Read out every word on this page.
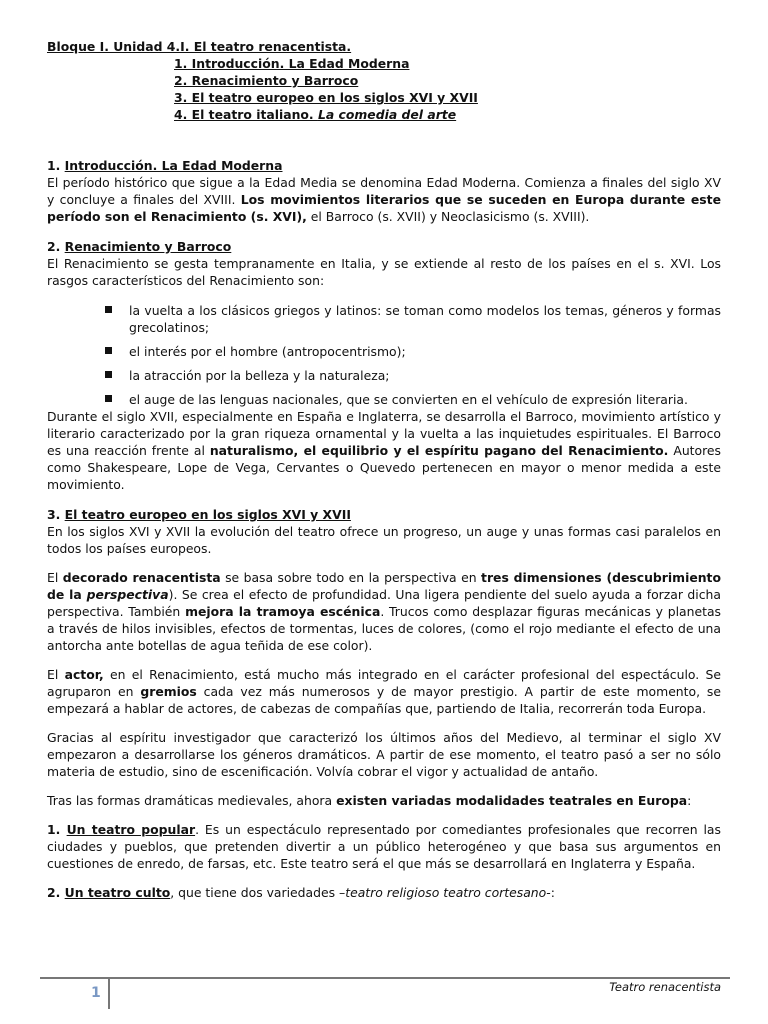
Bloque I. Unidad 4.I. El teatro renacentista.
1. Introducción. La Edad Moderna
2. Renacimiento y Barroco
3. El teatro europeo en los siglos XVI y XVII
4. El teatro italiano. La comedia del arte
1. Introducción. La Edad Moderna

El período histórico que sigue a la Edad Media se denomina Edad Moderna. Comienza a finales del siglo XV y concluye a finales del XVIII. Los movimientos literarios que se suceden en Europa durante este período son el Renacimiento (s. XVI), el Barroco (s. XVII) y Neoclasicismo (s. XVIII).

2. Renacimiento y Barroco

El Renacimiento se gesta tempranamente en Italia, y se extiende al resto de los países en el s. XVI. Los rasgos característicos del Renacimiento son:

la vuelta a los clásicos griegos y latinos: se toman como modelos los temas, géneros y formas grecolatinos;
el interés por el hombre (antropocentrismo);
la atracción por la belleza y la naturaleza;
el auge de las lenguas nacionales, que se convierten en el vehículo de expresión literaria.

Durante el siglo XVII, especialmente en España e Inglaterra, se desarrolla el Barroco, movimiento artístico y literario caracterizado por la gran riqueza ornamental y la vuelta a las inquietudes espirituales. El Barroco es una reacción frente al naturalismo, el equilibrio y el espíritu pagano del Renacimiento. Autores como Shakespeare, Lope de Vega, Cervantes o Quevedo pertenecen en mayor o menor medida a este movimiento.

3. El teatro europeo en los siglos XVI y XVII

En los siglos XVI y XVII la evolución del teatro ofrece un progreso, un auge y unas formas casi paralelos en todos los países europeos.

El decorado renacentista se basa sobre todo en la perspectiva en tres dimensiones (descubrimiento de la perspectiva). Se crea el efecto de profundidad. Una ligera pendiente del suelo ayuda a forzar dicha perspectiva. También mejora la tramoya escénica. Trucos como desplazar figuras mecánicas y planetas a través de hilos invisibles, efectos de tormentas, luces de colores, (como el rojo mediante el efecto de una antorcha ante botellas de agua teñida de ese color).

El actor, en el Renacimiento, está mucho más integrado en el carácter profesional del espectáculo. Se agruparon en gremios cada vez más numerosos y de mayor prestigio. A partir de este momento, se empezará a hablar de actores, de cabezas de compañías que, partiendo de Italia, recorrerán toda Europa.

Gracias al espíritu investigador que caracterizó los últimos años del Medievo, al terminar el siglo XV empezaron a desarrollarse los géneros dramáticos. A partir de ese momento, el teatro pasó a ser no sólo materia de estudio, sino de escenificación. Volvía cobrar el vigor y actualidad de antaño.

Tras las formas dramáticas medievales, ahora existen variadas modalidades teatrales en Europa:

1. Un teatro popular. Es un espectáculo representado por comediantes profesionales que recorren las ciudades y pueblos, que pretenden divertir a un público heterogéneo y que basa sus argumentos en cuestiones de enredo, de farsas, etc. Este teatro será el que más se desarrollará en Inglaterra y España.

2. Un teatro culto, que tiene dos variedades –teatro religioso teatro cortesano-:

1	Teatro renacentista
